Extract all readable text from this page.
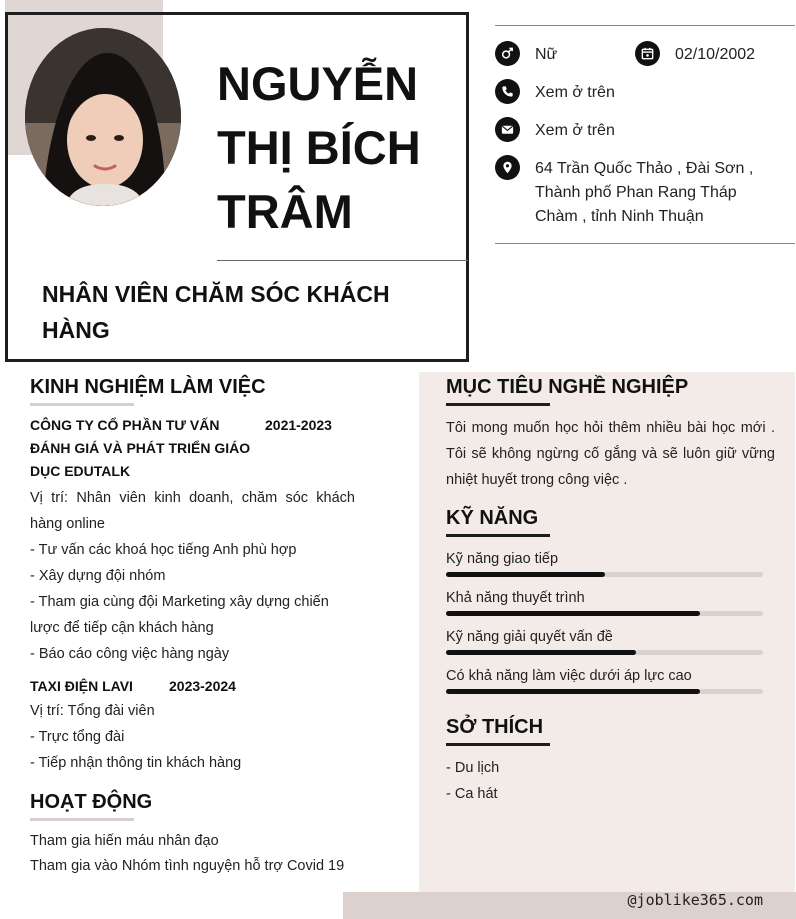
NGUYỄN
THỊ BÍCH
TRÂM
NHÂN VIÊN CHĂM SÓC KHÁCH HÀNG
Nữ	02/10/2002
Xem ở trên
Xem ở trên
64 Trần Quốc Thảo , Đài Sơn , Thành phố Phan Rang Tháp Chàm , tỉnh Ninh Thuận
KINH NGHIỆM LÀM VIỆC
CÔNG TY CỔ PHẦN TƯ VẤN ĐÁNH GIÁ VÀ PHÁT TRIỂN GIÁO DỤC EDUTALK
2021-2023
Vị trí: Nhân viên kinh doanh, chăm sóc khách hàng online
- Tư vấn các khoá học tiếng Anh phù hợp
- Xây dựng đội nhóm
- Tham gia cùng đội Marketing xây dựng chiến lược để tiếp cận khách hàng
- Báo cáo công việc hàng ngày
TAXI ĐIỆN LAVI	2023-2024
Vị trí: Tổng đài viên
- Trực tổng đài
- Tiếp nhận thông tin khách hàng
HOẠT ĐỘNG
Tham gia hiến máu nhân đạo
Tham gia vào Nhóm tình nguyện hỗ trợ Covid 19
MỤC TIÊU NGHỀ NGHIỆP
Tôi mong muốn học hỏi thêm nhiều bài học mới . Tôi sẽ không ngừng cố gắng và sẽ luôn giữ vững nhiệt huyết trong công việc .
KỸ NĂNG
Kỹ năng giao tiếp
Khả năng thuyết trình
Kỹ năng giải quyết vấn đề
Có khả năng làm việc dưới áp lực cao
SỞ THÍCH
- Du lịch
- Ca hát
@joblike365.com
